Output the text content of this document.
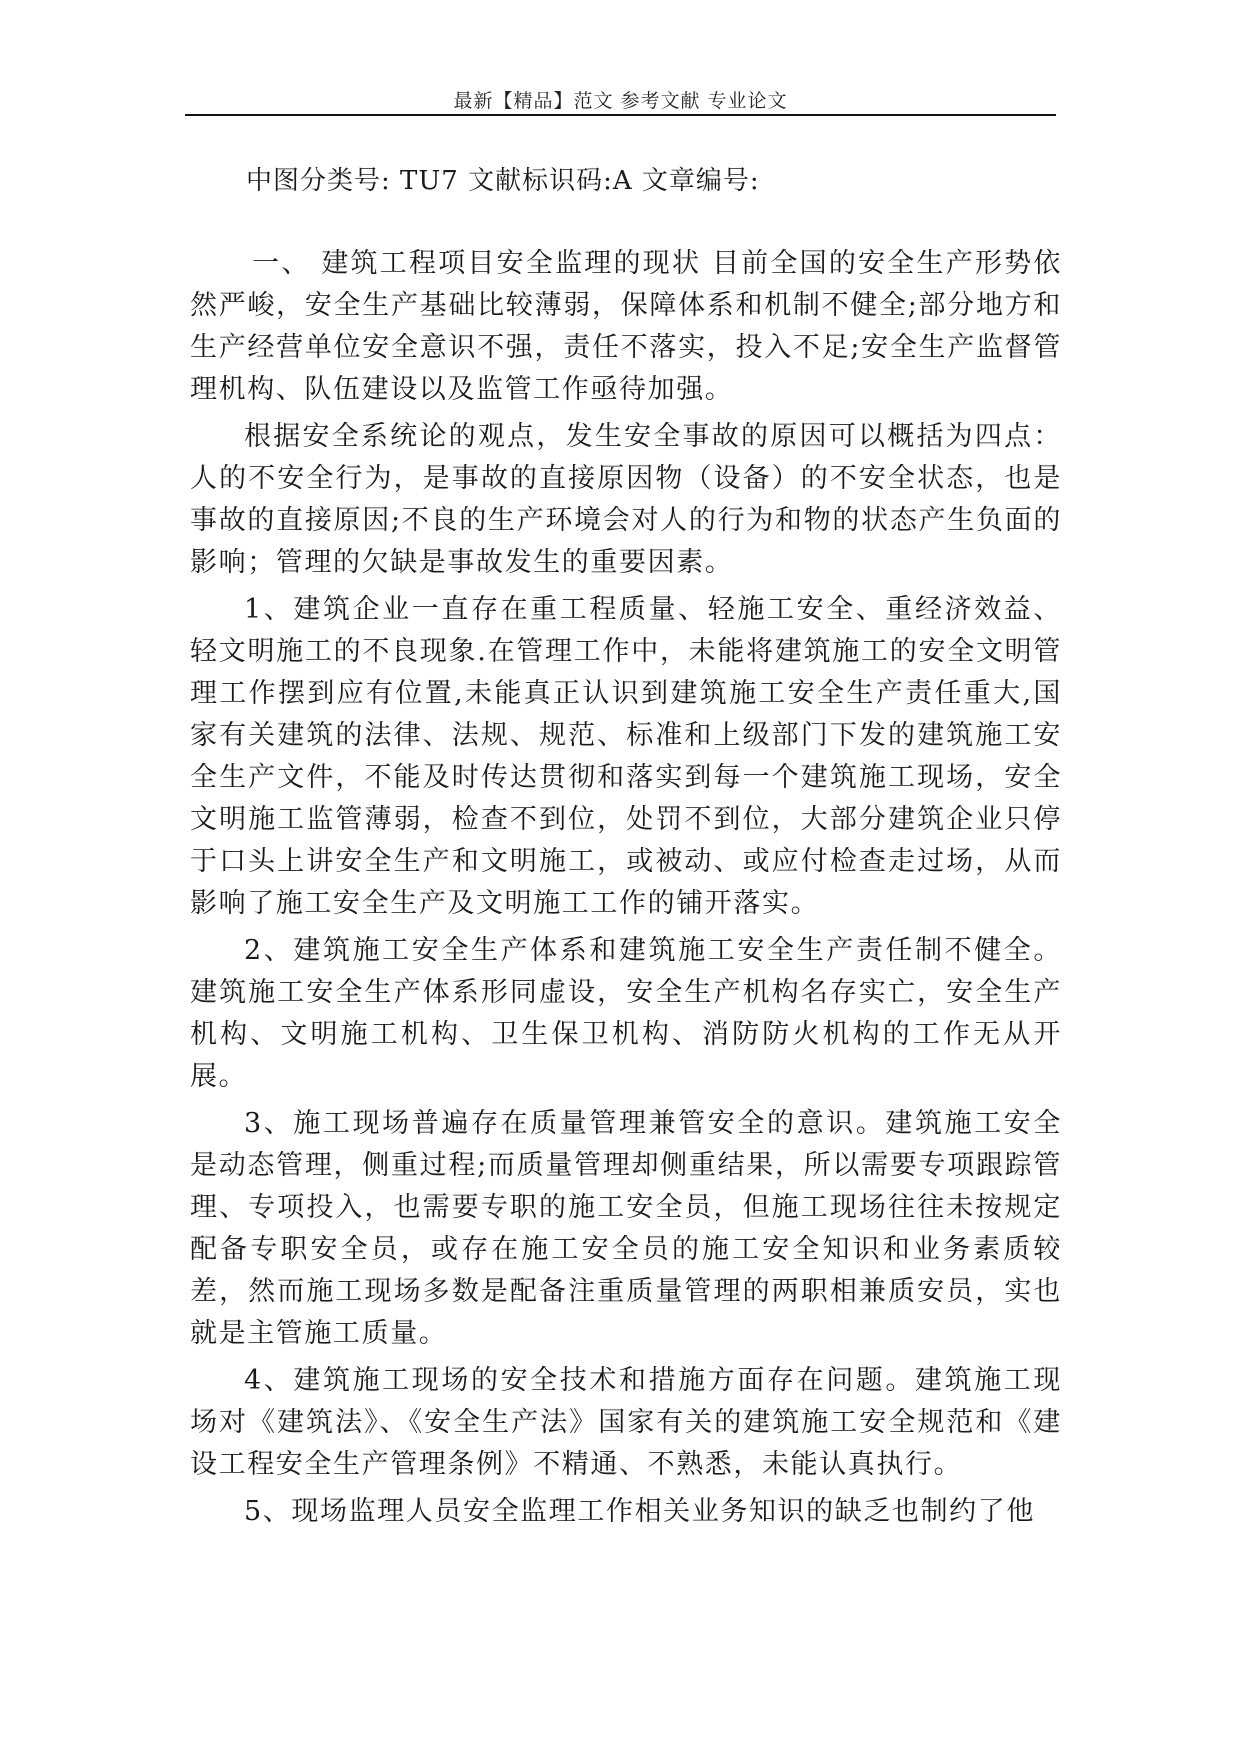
最新【精品】范文 参考文献 专业论文
中图分类号: TU7 文献标识码:A 文章编号:

一、 建筑工程项目安全监理的现状 目前全国的安全生产形势依然严峻，安全生产基础比较薄弱，保障体系和机制不健全;部分地方和生产经营单位安全意识不强，责任不落实，投入不足;安全生产监督管理机构、队伍建设以及监管工作亟待加强。

根据安全系统论的观点，发生安全事故的原因可以概括为四点：人的不安全行为，是事故的直接原因物（设备）的不安全状态，也是事故的直接原因;不良的生产环境会对人的行为和物的状态产生负面的影响；管理的欠缺是事故发生的重要因素。

1、建筑企业一直存在重工程质量、轻施工安全、重经济效益、轻文明施工的不良现象.在管理工作中，未能将建筑施工的安全文明管理工作摆到应有位置,未能真正认识到建筑施工安全生产责任重大,国家有关建筑的法律、法规、规范、标准和上级部门下发的建筑施工安全生产文件，不能及时传达贯彻和落实到每一个建筑施工现场，安全文明施工监管薄弱，检查不到位，处罚不到位，大部分建筑企业只停于口头上讲安全生产和文明施工，或被动、或应付检查走过场，从而影响了施工安全生产及文明施工工作的铺开落实。

2、建筑施工安全生产体系和建筑施工安全生产责任制不健全。建筑施工安全生产体系形同虚设，安全生产机构名存实亡，安全生产机构、文明施工机构、卫生保卫机构、消防防火机构的工作无从开展。

3、施工现场普遍存在质量管理兼管安全的意识。建筑施工安全是动态管理，侧重过程;而质量管理却侧重结果，所以需要专项跟踪管理、专项投入，也需要专职的施工安全员，但施工现场往往未按规定配备专职安全员，或存在施工安全员的施工安全知识和业务素质较差，然而施工现场多数是配备注重质量管理的两职相兼质安员，实也就是主管施工质量。

4、建筑施工现场的安全技术和措施方面存在问题。建筑施工现场对《建筑法》、《安全生产法》国家有关的建筑施工安全规范和《建设工程安全生产管理条例》不精通、不熟悉，未能认真执行。

5、现场监理人员安全监理工作相关业务知识的缺乏也制约了他
